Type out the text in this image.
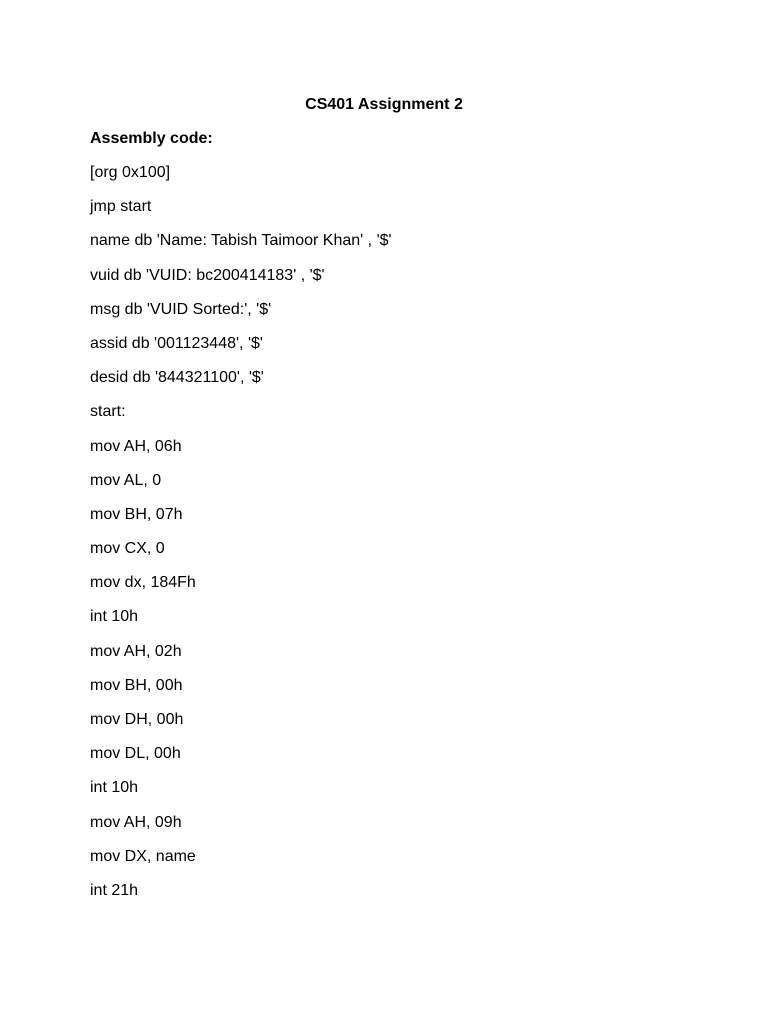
CS401 Assignment 2
Assembly code:
[org 0x100]
jmp start
name db 'Name: Tabish Taimoor Khan' , '$'
vuid db 'VUID: bc200414183' , '$'
msg db 'VUID Sorted:', '$'
assid db '001123448', '$'
desid db '844321100', '$'
start:
mov AH, 06h
mov AL, 0
mov BH, 07h
mov CX, 0
mov dx, 184Fh
int 10h
mov AH, 02h
mov BH, 00h
mov DH, 00h
mov DL, 00h
int 10h
mov AH, 09h
mov DX, name
int 21h
